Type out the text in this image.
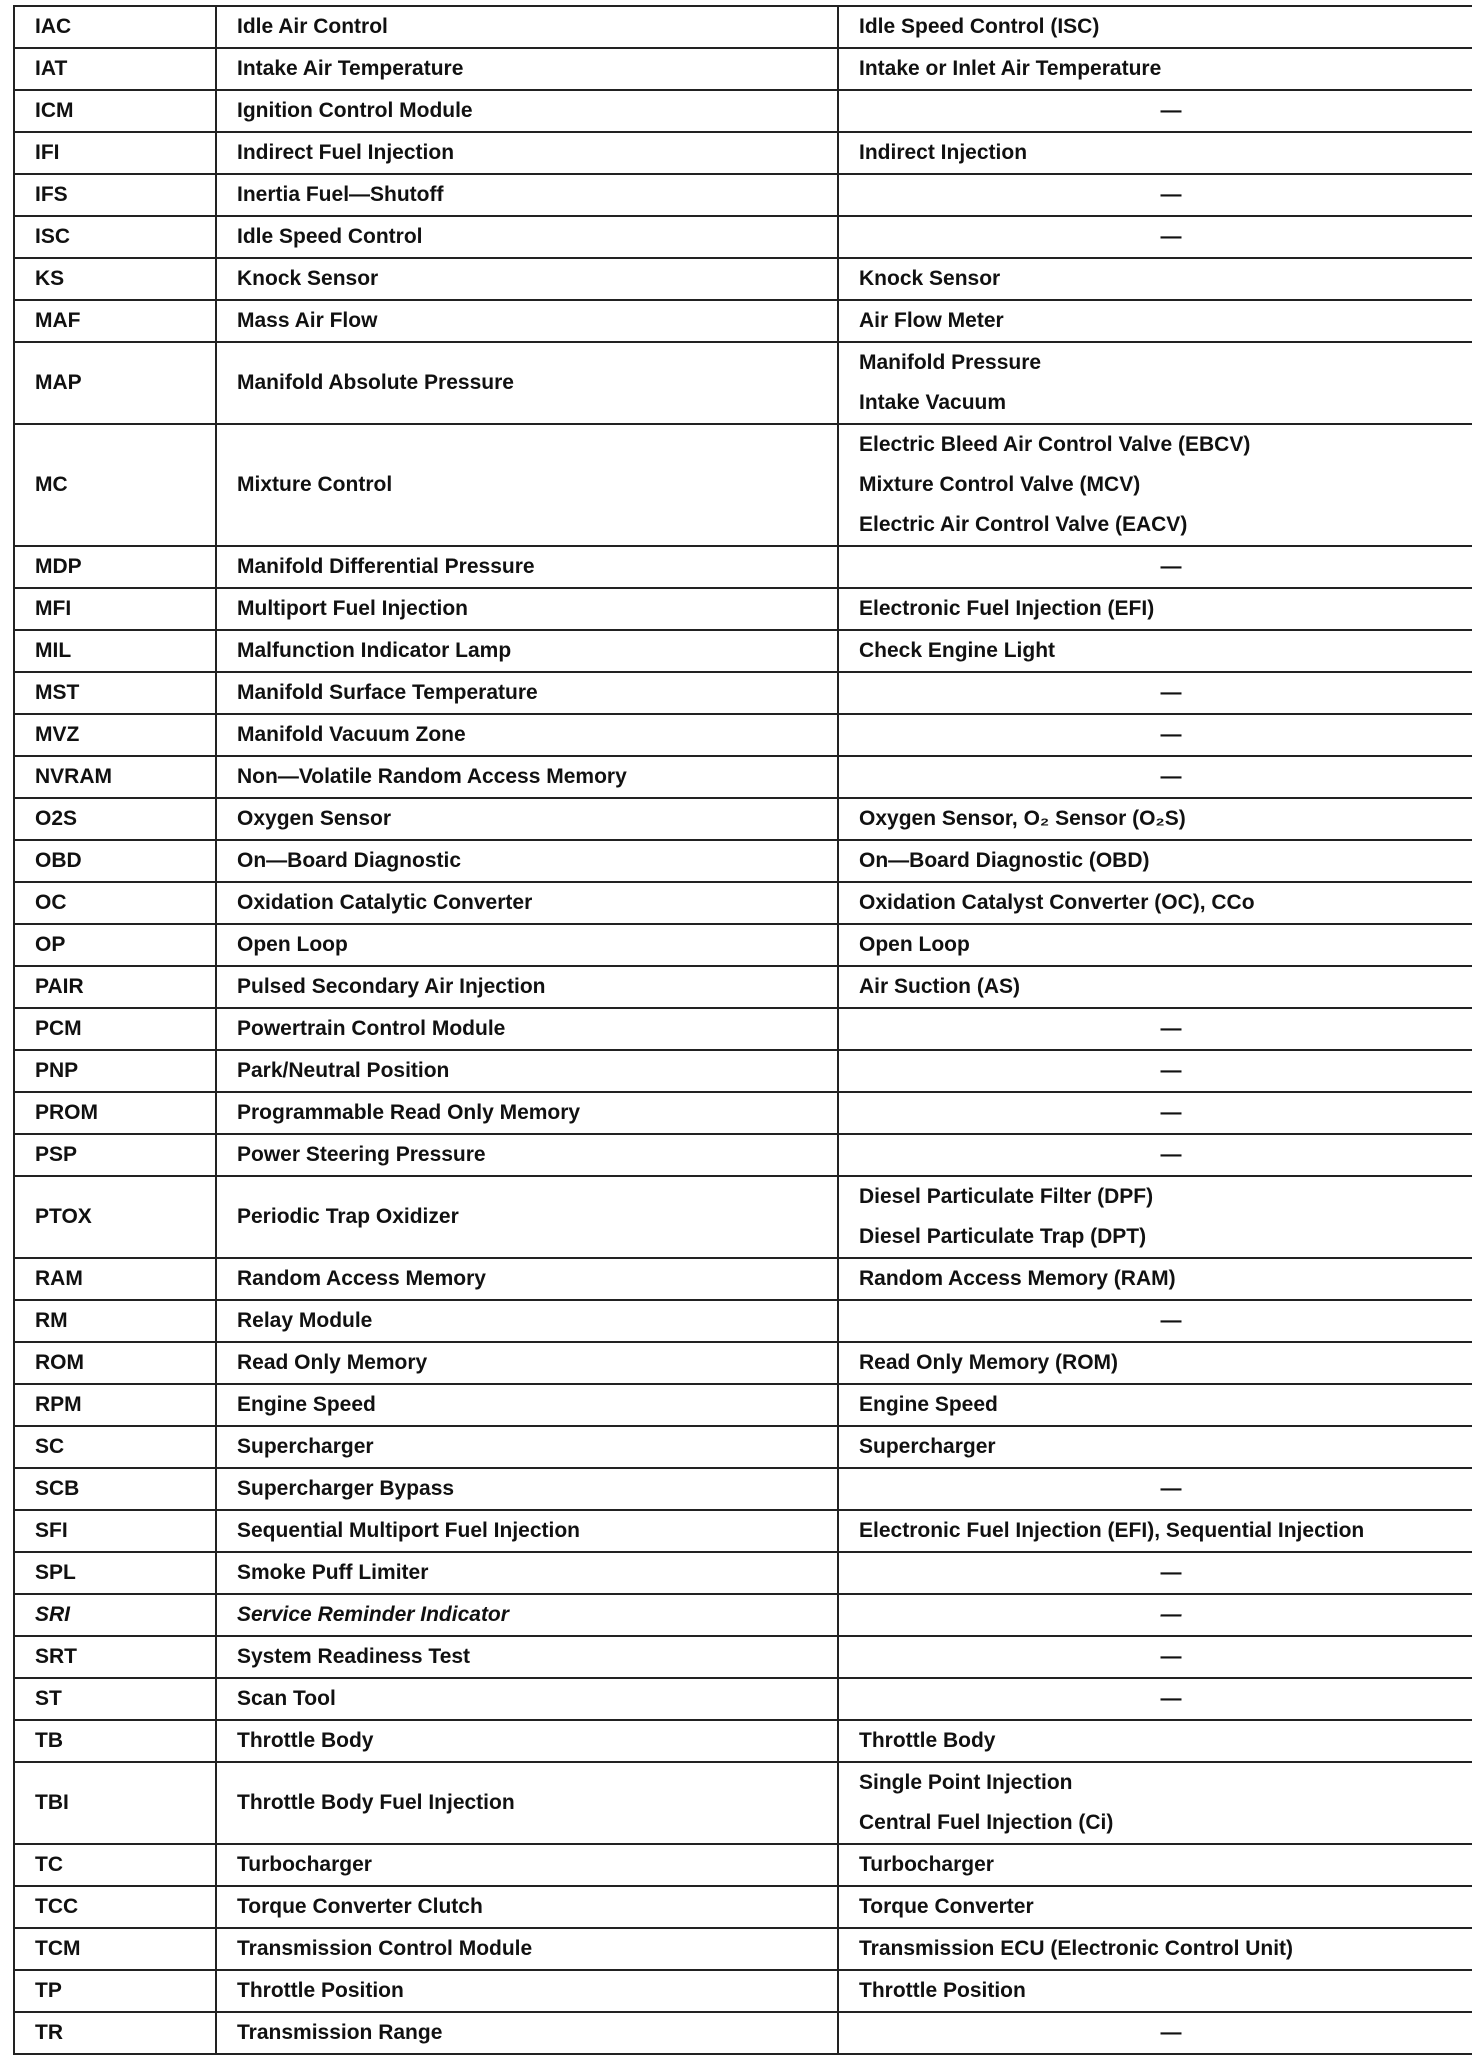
IAC	Idle Air Control	Idle Speed Control (ISC)

IAT	Intake Air Temperature	Intake or Inlet Air Temperature

ICM	Ignition Control Module	—

IFI	Indirect Fuel Injection	Indirect Injection

IFS	Inertia Fuel—Shutoff	—

ISC	Idle Speed Control	—

KS	Knock Sensor	Knock Sensor

MAF	Mass Air Flow	Air Flow Meter

MAP	Manifold Absolute Pressure	Manifold Pressure
Intake Vacuum

MC	Mixture Control	Electric Bleed Air Control Valve (EBCV)
Mixture Control Valve (MCV)
Electric Air Control Valve (EACV)

MDP	Manifold Differential Pressure	—

MFI	Multiport Fuel Injection	Electronic Fuel Injection (EFI)

MIL	Malfunction Indicator Lamp	Check Engine Light

MST	Manifold Surface Temperature	—

MVZ	Manifold Vacuum Zone	—

NVRAM	Non—Volatile Random Access Memory	—

O2S	Oxygen Sensor	Oxygen Sensor, O₂ Sensor (O₂S)

OBD	On—Board Diagnostic	On—Board Diagnostic (OBD)

OC	Oxidation Catalytic Converter	Oxidation Catalyst Converter (OC), CCo

OP	Open Loop	Open Loop

PAIR	Pulsed Secondary Air Injection	Air Suction (AS)

PCM	Powertrain Control Module	—

PNP	Park/Neutral Position	—

PROM	Programmable Read Only Memory	—

PSP	Power Steering Pressure	—

PTOX	Periodic Trap Oxidizer	Diesel Particulate Filter (DPF)
Diesel Particulate Trap (DPT)

RAM	Random Access Memory	Random Access Memory (RAM)

RM	Relay Module	—

ROM	Read Only Memory	Read Only Memory (ROM)

RPM	Engine Speed	Engine Speed

SC	Supercharger	Supercharger

SCB	Supercharger Bypass	—

SFI	Sequential Multiport Fuel Injection	Electronic Fuel Injection (EFI), Sequential Injection

SPL	Smoke Puff Limiter	—

SRI	Service Reminder Indicator	—

SRT	System Readiness Test	—

ST	Scan Tool	—

TB	Throttle Body	Throttle Body

TBI	Throttle Body Fuel Injection	Single Point Injection
Central Fuel Injection (Ci)

TC	Turbocharger	Turbocharger

TCC	Torque Converter Clutch	Torque Converter

TCM	Transmission Control Module	Transmission ECU (Electronic Control Unit)

TP	Throttle Position	Throttle Position

TR	Transmission Range	—
